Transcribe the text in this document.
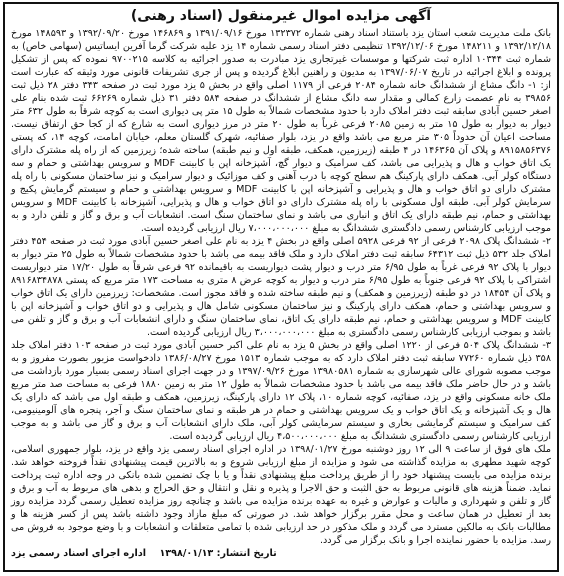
آگهی مزایده اموال غیرمنقول (اسناد رهنی)

بانک ملت مدیریت شعب استان یزد باستناد اسناد رهنی شماره ۱۳۲۳۷۲ مورخ ۱۳۹۱/۰۹/۱۶ و ۱۴۶۸۶۹ مورخ ۱۳۹۲/۰۹/۲۰ و ۱۴۸۵۹۳ مورخ ۱۳۹۲/۱۲/۱۸ و ۱۴۸۲۱۱ مورخ ۱۳۹۲/۱۲/۰۶ تنظیمی دفتر اسناد رسمی شماره ۱۴ یزد علیه شرکت گرما آفرین ایساتیس (سهامی خاص) به شماره ثبت ۱۰۳۴۴ اداره ثبت شرکتها و موسسات غیرتجاری یزد مبادرت به صدور اجرائیه به کلاسه ۹۷۰۰۲۱۵ نموده که پس از تشکیل پرونده و ابلاغ اجرائیه در تاریخ ۱۳۹۷/۰۶/۰۷ به مدیون و راهنین ابلاغ گردیده و پس از جری تشریفات قانونی مورد وثیقه که عبارت است از: ۱- دانگ مشاع از ششدانگ خانه شماره ۲۰۸۴ فرعی از ۱۱۷۹ اصلی واقع در بخش ۵ یزد مورد ثبت در صفحه ۳۴۳ دفتر ۲۸ ذیل ثبت ۳۹۸۵۶ به نام عصمت زارع کمالی و مقدار سه دانگ مشاع از ششدانگ در صفحه ۵۸۴ دفتر ۳۱ ذیل شماره ۶۶۲۶۹ ثبت شده بنام علی اصغر حسین آبادی سابقه ثبت دفتر املاک دارد با حدود مشخصات شمالاً به طول ۱۵ متر پی دیواری است به کوچه شرقاً به طول ۶۳۲ متر دیوار به دیوار به طول ۱۵ متر به زمین ۲۰۸۵ فرعی غرباً به طول ۲۰ متر در مرز دیواری است به شارع که از کجا حق ارتفاق نیست. مساحت اعیان آن حدوداً ۳۰۵ متر مربع می باشد واقع در یزد، بلوار صفائیه، شهرک گلستان معلم، خیابان امامت، کوچه ۱۴، که پستی ۸۹۱۵۸۵۶۳۷۶ و پلاک آن ۱۴۶۳۶۵ در ۴ طبقه (زیرزمین، همکف، طبقه اول و نیم طبقه) ساخته شده؛ زیرزمین که از راه پله مشترک دارای یک اتاق خواب و هال و پذیرایی می باشد، کف سرامیک و دیوار گچ، آشپزخانه اپن با کابینت MDF و سرویس بهداشتی و حمام و سه دستگاه کولر آبی. همکف دارای پارکینگ هم سطح کوچه با درب آهنی و کف موزائیک و دیوار سرامیک و نیز ساختمان مسکونی با راه پله مشترک دارای دو اتاق خواب و هال و پذیرایی و آشپزخانه اپن با کابینت MDF و سرویس بهداشتی و حمام و سیستم گرمایش پکیج و سرمایش کولر آبی. طبقه اول مسکونی با راه پله مشترک دارای دو اتاق خواب و هال و پذیرایی، آشپزخانه با کابینت MDF و سرویس بهداشتی و حمام، نیم طبقه دارای یک اتاق و انباری می باشد و نمای ساختمان سنگ است. انشعابات آب و برق و گاز و تلفن دارد و به موجب ارزیابی کارشناس رسمی دادگستری ششدانگ به مبلغ ۷،۰۰۰،۰۰۰،۰۰۰ ریال ارزیابی گردیده است.

۲- ششدانگ پلاک ۲۰۹۸ فرعی از ۹۲ فرعی ۵۹۲۸ اصلی واقع در بخش ۴ یزد به نام علی اصغر حسین آبادی مورد ثبت در صفحه ۴۵۴ دفتر املاک جلد ۵۳۲ ذیل ثبت ۶۴۳۱۲ سابقه ثبت دفتر املاک دارد و ملک فاقد بیمه می باشد با حدود مشخصات شمالاً به طول ۲۵ متر دیوار به دیوار با پلاک ۹۲ فرعی غرباً به طول ۶/۹۵ متر درب و دیوار پشت دیواریست به باقیمانده ۹۲ فرعی شرقاً به طول ۱۷/۲۰ متر دیواریست اشتراکی با پلاک ۹۲ فرعی جنوباً به طول ۶/۹۵ متر درب و دیوار به کوچه عرض ۸ متری به مساحت ۱۷۳ متر مربع که پستی ۸۹۱۶۸۳۴۸۷۸ و پلاک آن ۱۸۴۵۴ در دو طبقه (زیرزمین و همکف) و نیم طبقه ساخته شده و فاقد مجوز است. مشخصات: زیرزمین دارای یک اتاق خواب و سرویس بهداشتی و حمام، همکف دارای پارکینگ و نیز ساختمان مسکونی شامل هال و پذیرایی و دو اتاق خواب و آشپزخانه اپن با کابینت MDF و سرویس بهداشتی و حمام، نیم طبقه دارای یک اتاق، نمای ساختمان سنگ و دارای انشعابات آب و برق و گاز و تلفن می باشد و بموجب ارزیابی کارشناس رسمی دادگستری به مبلغ ۳،۰۰۰،۰۰۰،۰۰۰ ریال ارزیابی گردیده است.

۳- ششدانگ پلاک ۵۰۴ فرعی از ۱۲۲۰ اصلی واقع در بخش ۵ یزد به نام علی اکبر حسین آبادی مورد ثبت در صفحه ۱۰۳ دفتر املاک جلد ۳۵۸ ذیل شماره ۷۷۲۶۰ سابقه ثبت دفتر املاک دارد که به موجب شماره ۱۵۱۳ مورخ ۱۳۸۶/۰۸/۲۷ دادخواست مزبور بصورت مفروز و به موجب مصوبه شورای عالی شهرسازی به شماره ۱۳۹۸۰۵۸۱ مورخ ۱۳۹۷/۰۹/۲۶ و در جهت اجرای اسناد رسمی بسیار مورد بازداشت می باشد و در حال حاضر ملک فاقد بیمه می باشد با حدود مشخصات شمالاً به طول ۱۲ متر به زمین ۱۸۸۰ فرعی به مساحت صد متر مربع ملک خانه مسکونی واقع در یزد، صفائیه، کوچه شماره ۱۰، پلاک ۱۲ دارای پارکینگ، زیرزمین، همکف و طبقه اول می باشد که دارای یک هال و یک آشپزخانه و یک اتاق خواب و یک سرویس بهداشتی و حمام در هر طبقه و نمای ساختمان سنگ و آجر، پنجره های آلومینیومی، کف سرامیک و سیستم گرمایشی بخاری و سیستم سرمایشی کولر آبی، ملک دارای انشعابات آب و برق و گاز می باشد و به موجب ارزیابی کارشناس رسمی دادگستری ششدانگ به مبلغ ۴،۵۰۰،۰۰۰،۰۰۰ ریال ارزیابی گردیده است.

ملک های فوق از ساعت ۹ الی ۱۲ روز دوشنبه مورخ ۱۳۹۸/۰۱/۲۷ در اداره اجرای اسناد رسمی یزد واقع در یزد، بلوار جمهوری اسلامی، کوچه شهید مطهری به مزایده گذاشته می شود و مزایده از مبلغ ارزیابی شروع و به بالاترین قیمت پیشنهادی نقداً فروخته خواهد شد. برنده مزایده می بایست پیشنهاد خود را از طریق پرداخت مبلغ پیشنهادی نقداً و یا با چک تضمین شده بانکی در وجه اداره ثبت پرداخت نماید. ضمناً هزینه های قانونی مربوط به حق الثبت و حق الاجرا و پذیره و نقل و انتقال و حق الحراج و بدهی های مربوط به آب و برق و گاز و تلفن و شهرداری و مالیات و عوارض و غیره به عهده برنده مزایده می باشد و چنانچه روز مزایده تعطیل رسمی گردد مزایده روز بعد از تعطیل در همان ساعت و محل مقرر برگزار خواهد شد. در صورتی که مبلغ مازاد وجود داشته باشد پس از کسر هزینه ها و مطالبات بانک به مالکین مسترد می گردد و ملک مذکور در حد ارزیابی شده با تمامی متعلقات و انشعابات و با وضع موجود به فروش می رسد. مزایده با حضور نماینده اجرا و بانک برگزار می گردد.

تاریخ انتشار: ۱۳۹۸/۰۱/۱۳    اداره اجرای اسناد رسمی یزد
